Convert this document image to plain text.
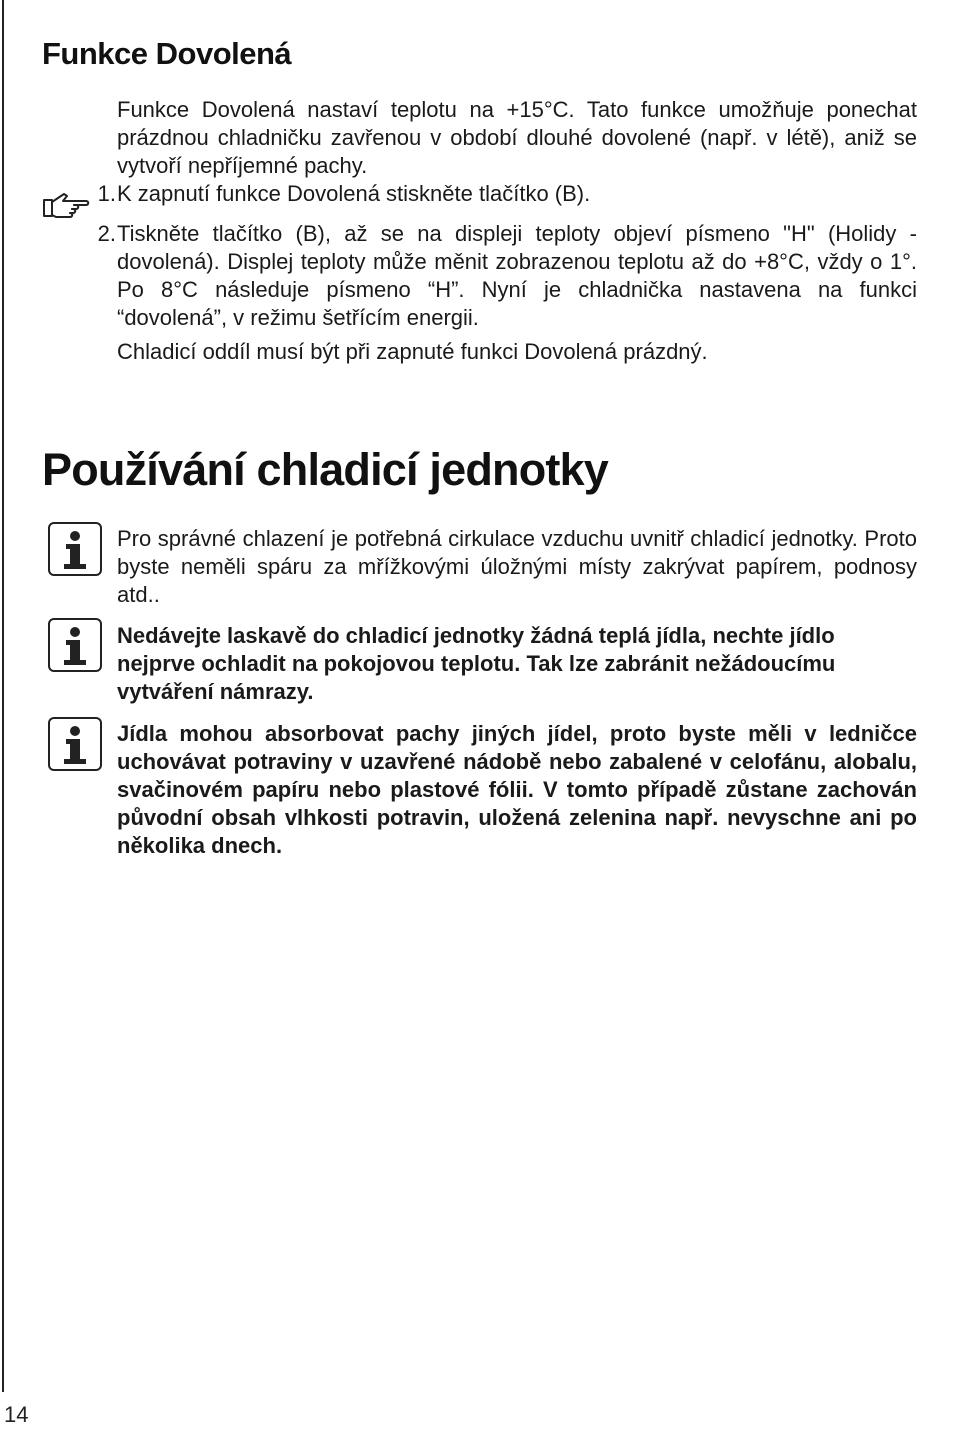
Funkce Dovolená
Funkce Dovolená nastaví teplotu na +15°C. Tato funkce umožňuje ponechat prázdnou chladničku zavřenou v období dlouhé dovolené (např. v létě), aniž se vytvoří nepříjemné pachy.
1. K zapnutí funkce Dovolená stiskněte tlačítko (B).
2. Tiskněte tlačítko (B), až se na displeji teploty objeví písmeno "H" (Holidy - dovolená). Displej teploty může měnit zobrazenou teplotu až do +8°C, vždy o 1°. Po 8°C následuje písmeno “H”. Nyní je chladnička nastavena na funkci “dovolená”, v režimu šetřícím energii.
Chladicí oddíl musí být při zapnuté funkci Dovolená prázdný.
Používání chladicí jednotky
Pro správné chlazení je potřebná cirkulace vzduchu uvnitř chladicí jednotky. Proto byste neměli spáru za mřížkovými úložnými místy zakrývat papírem, podnosy atd..
Nedávejte laskavě do chladicí jednotky žádná teplá jídla, nechte jídlo nejprve ochladit na pokojovou teplotu. Tak lze zabránit nežádoucímu vytváření námrazy.
Jídla mohou absorbovat pachy jiných jídel, proto byste měli v ledničce uchovávat potraviny v uzavřené nádobě nebo zabalené v celofánu, alobalu, svačinovém papíru nebo plastové fólii. V tomto případě zůstane zachován původní obsah vlhkosti potravin, uložená zelenina např. nevyschne ani po několika dnech.
14
